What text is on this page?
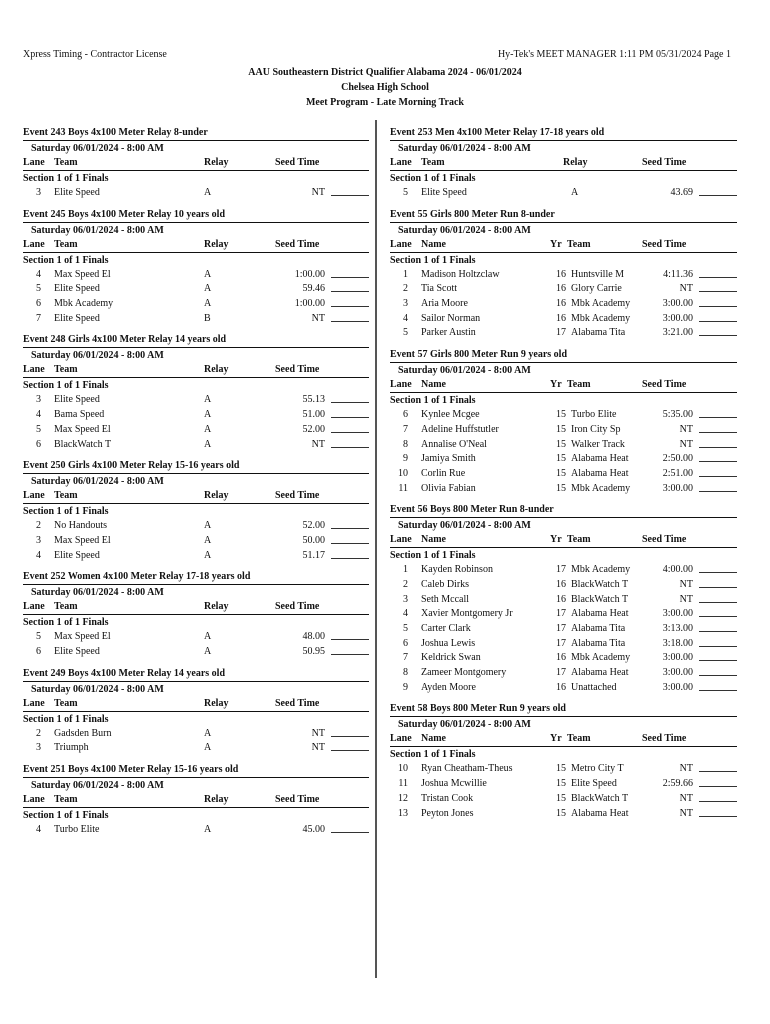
Xpress Timing - Contractor License	Hy-Tek's MEET MANAGER 1:11 PM 05/31/2024 Page 1
AAU Southeastern District Qualifier Alabama 2024 - 06/01/2024
Chelsea High School
Meet Program - Late Morning Track
Event 243 Boys 4x100 Meter Relay 8-under
Saturday 06/01/2024 - 8:00 AM
Lane Team	Relay	Seed Time
Section 1 of 1 Finals
3 Elite Speed	A	NT
Event 245 Boys 4x100 Meter Relay 10 years old
Saturday 06/01/2024 - 8:00 AM
Lane Team	Relay	Seed Time
Section 1 of 1 Finals
4 Max Speed El	A	1:00.00
5 Elite Speed	A	59.46
6 Mbk Academy	A	1:00.00
7 Elite Speed	B	NT
Event 248 Girls 4x100 Meter Relay 14 years old
Saturday 06/01/2024 - 8:00 AM
Lane Team	Relay	Seed Time
Section 1 of 1 Finals
3 Elite Speed	A	55.13
4 Bama Speed	A	51.00
5 Max Speed El	A	52.00
6 BlackWatch T	A	NT
Event 250 Girls 4x100 Meter Relay 15-16 years old
Saturday 06/01/2024 - 8:00 AM
Lane Team	Relay	Seed Time
Section 1 of 1 Finals
2 No Handouts	A	52.00
3 Max Speed El	A	50.00
4 Elite Speed	A	51.17
Event 252 Women 4x100 Meter Relay 17-18 years old
Saturday 06/01/2024 - 8:00 AM
Lane Team	Relay	Seed Time
Section 1 of 1 Finals
5 Max Speed El	A	48.00
6 Elite Speed	A	50.95
Event 249 Boys 4x100 Meter Relay 14 years old
Saturday 06/01/2024 - 8:00 AM
Lane Team	Relay	Seed Time
Section 1 of 1 Finals
2 Gadsden Burn	A	NT
3 Triumph	A	NT
Event 251 Boys 4x100 Meter Relay 15-16 years old
Saturday 06/01/2024 - 8:00 AM
Lane Team	Relay	Seed Time
Section 1 of 1 Finals
4 Turbo Elite	A	45.00
Event 253 Men 4x100 Meter Relay 17-18 years old
Saturday 06/01/2024 - 8:00 AM
Lane Team	Relay	Seed Time
Section 1 of 1 Finals
5 Elite Speed	A	43.69
Event 55 Girls 800 Meter Run 8-under
Saturday 06/01/2024 - 8:00 AM
Lane Name	Yr Team	Seed Time
Section 1 of 1 Finals
1 Madison Holtzclaw	16 Huntsville M	4:11.36
2 Tia Scott	16 Glory Carrie	NT
3 Aria Moore	16 Mbk Academy	3:00.00
4 Sailor Norman	16 Mbk Academy	3:00.00
5 Parker Austin	17 Alabama Tita	3:21.00
Event 57 Girls 800 Meter Run 9 years old
Saturday 06/01/2024 - 8:00 AM
Lane Name	Yr Team	Seed Time
Section 1 of 1 Finals
6 Kynlee Mcgee	15 Turbo Elite	5:35.00
7 Adeline Huffstutler	15 Iron City Sp	NT
8 Annalise O'Neal	15 Walker Track	NT
9 Jamiya Smith	15 Alabama Heat	2:50.00
10 Corlin Rue	15 Alabama Heat	2:51.00
11 Olivia Fabian	15 Mbk Academy	3:00.00
Event 56 Boys 800 Meter Run 8-under
Saturday 06/01/2024 - 8:00 AM
Lane Name	Yr Team	Seed Time
Section 1 of 1 Finals
1 Kayden Robinson	17 Mbk Academy	4:00.00
2 Caleb Dirks	16 BlackWatch T	NT
3 Seth Mccall	16 BlackWatch T	NT
4 Xavier Montgomery Jr	17 Alabama Heat	3:00.00
5 Carter Clark	17 Alabama Tita	3:13.00
6 Joshua Lewis	17 Alabama Tita	3:18.00
7 Keldrick Swan	16 Mbk Academy	3:00.00
8 Zameer Montgomery	17 Alabama Heat	3:00.00
9 Ayden Moore	16 Unattached	3:00.00
Event 58 Boys 800 Meter Run 9 years old
Saturday 06/01/2024 - 8:00 AM
Lane Name	Yr Team	Seed Time
Section 1 of 1 Finals
10 Ryan Cheatham-Theus	15 Metro City T	NT
11 Joshua Mcwillie	15 Elite Speed	2:59.66
12 Tristan Cook	15 BlackWatch T	NT
13 Peyton Jones	15 Alabama Heat	NT
